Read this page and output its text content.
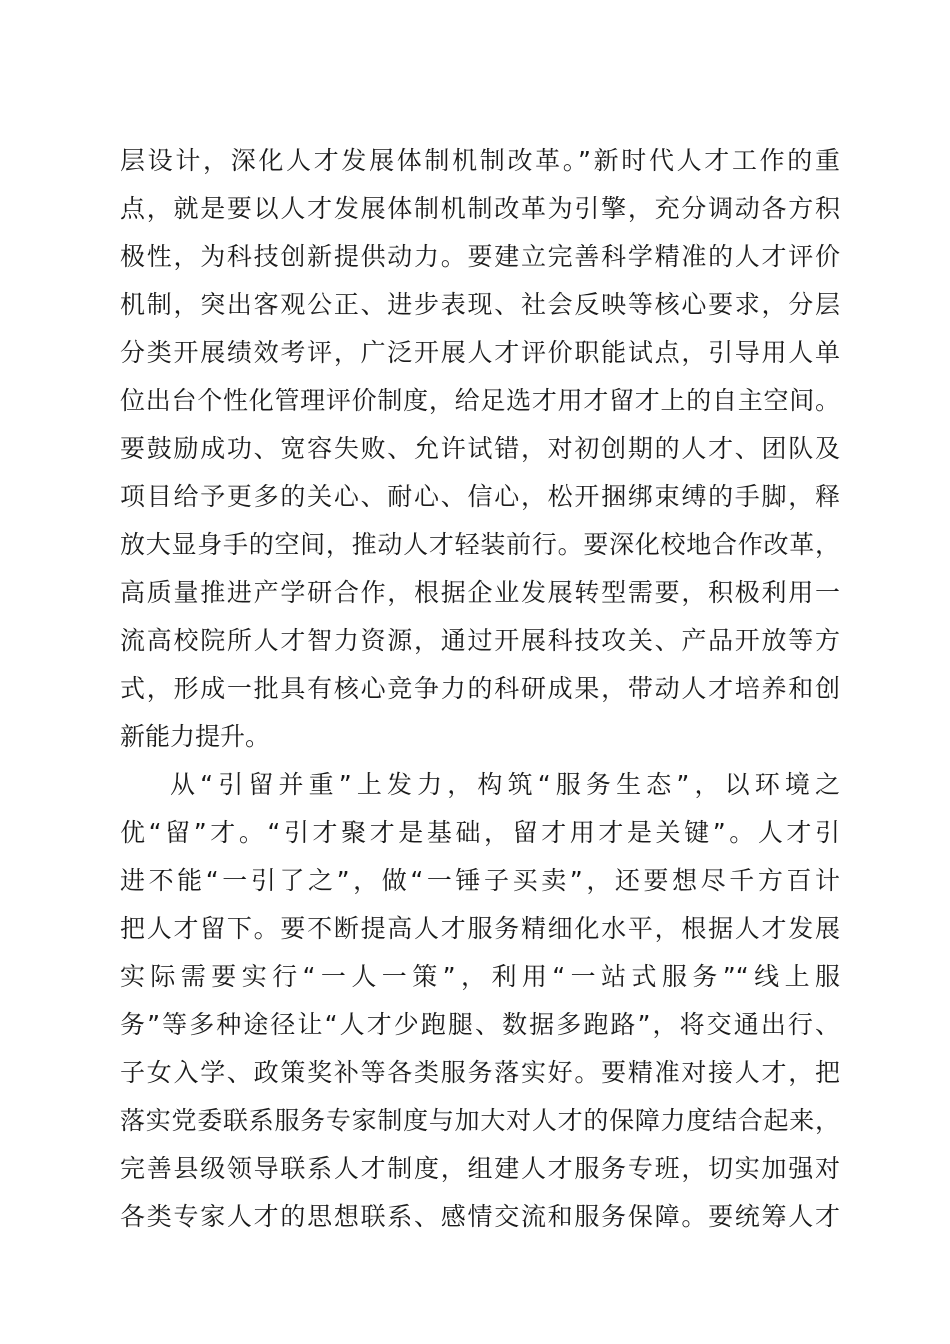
层设计，深化人才发展体制机制改革。”新时代人才工作的重
点，就是要以人才发展体制机制改革为引擎，充分调动各方积
极性，为科技创新提供动力。要建立完善科学精准的人才评价
机制，突出客观公正、进步表现、社会反映等核心要求，分层
分类开展绩效考评，广泛开展人才评价职能试点，引导用人单
位出台个性化管理评价制度，给足选才用才留才上的自主空间。
要鼓励成功、宽容失败、允许试错，对初创期的人才、团队及
项目给予更多的关心、耐心、信心，松开捆绑束缚的手脚，释
放大显身手的空间，推动人才轻装前行。要深化校地合作改革，
高质量推进产学研合作，根据企业发展转型需要，积极利用一
流高校院所人才智力资源，通过开展科技攻关、产品开放等方
式，形成一批具有核心竞争力的科研成果，带动人才培养和创
新能力提升。
从“引留并重”上发力，构筑“服务生态”，以环境之
优“留”才。“引才聚才是基础，留才用才是关键”。人才引
进不能“一引了之”，做“一锤子买卖”，还要想尽千方百计
把人才留下。要不断提高人才服务精细化水平，根据人才发展
实际需要实行“一人一策”，利用“一站式服务”“线上服
务”等多种途径让“人才少跑腿、数据多跑路”，将交通出行、
子女入学、政策奖补等各类服务落实好。要精准对接人才，把
落实党委联系服务专家制度与加大对人才的保障力度结合起来，
完善县级领导联系人才制度，组建人才服务专班，切实加强对
各类专家人才的思想联系、感情交流和服务保障。要统筹人才
